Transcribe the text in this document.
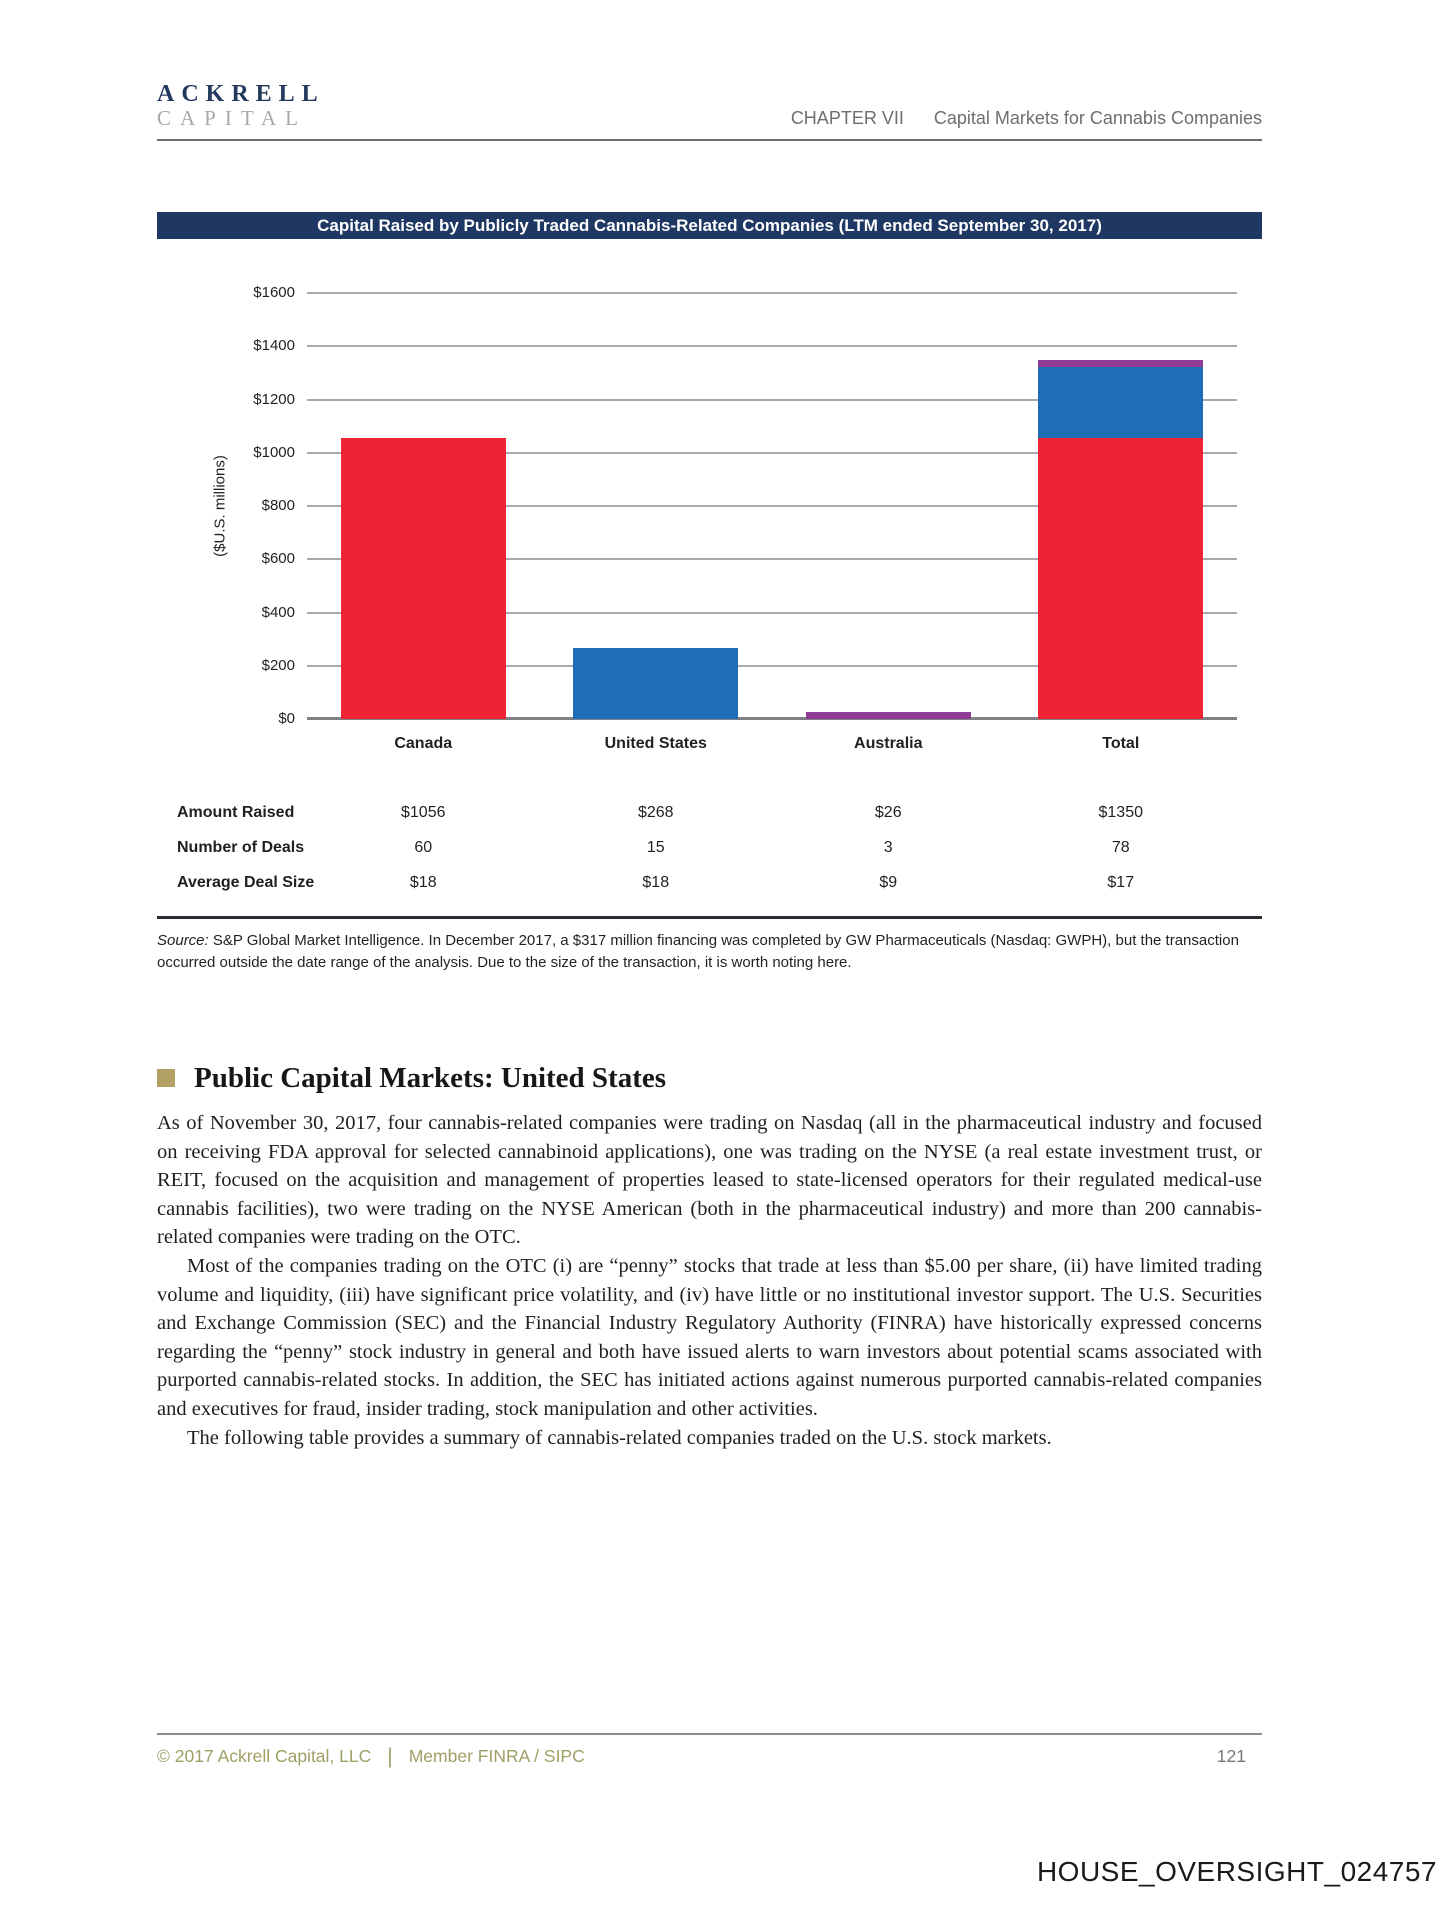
ACKRELL
CAPITAL	CHAPTER VII Capital Markets for Cannabis Companies
Capital Raised by Publicly Traded Cannabis-Related Companies (LTM ended September 30, 2017)
($U.S. millions)
$0
$200
$400
$600
$800
$1000
$1200
$1400
$1600
Canada	United States	Australia	Total
Amount Raised	$1056	$268	$26	$1350
Number of Deals	60	15	3	78
Average Deal Size	$18	$18	$9	$17
Source: S&P Global Market Intelligence. In December 2017, a $317 million financing was completed by GW Pharmaceuticals (Nasdaq: GWPH), but the transaction occurred outside the date range of the analysis. Due to the size of the transaction, it is worth noting here.
Public Capital Markets: United States

As of November 30, 2017, four cannabis-related companies were trading on Nasdaq (all in the pharmaceutical industry and focused on receiving FDA approval for selected cannabinoid applications), one was trading on the NYSE (a real estate investment trust, or REIT, focused on the acquisition and management of properties leased to state-licensed operators for their regulated medical-use cannabis facilities), two were trading on the NYSE American (both in the pharmaceutical industry) and more than 200 cannabis-related companies were trading on the OTC.

Most of the companies trading on the OTC (i) are “penny” stocks that trade at less than $5.00 per share, (ii) have limited trading volume and liquidity, (iii) have significant price volatility, and (iv) have little or no institutional investor support. The U.S. Securities and Exchange Commission (SEC) and the Financial Industry Regulatory Authority (FINRA) have historically expressed concerns regarding the “penny” stock industry in general and both have issued alerts to warn investors about potential scams associated with purported cannabis-related stocks. In addition, the SEC has initiated actions against numerous purported cannabis-related companies and executives for fraud, insider trading, stock manipulation and other activities.

The following table provides a summary of cannabis-related companies traded on the U.S. stock markets.

© 2017 Ackrell Capital, LLC | Member FINRA / SIPC	121
HOUSE_OVERSIGHT_024757
